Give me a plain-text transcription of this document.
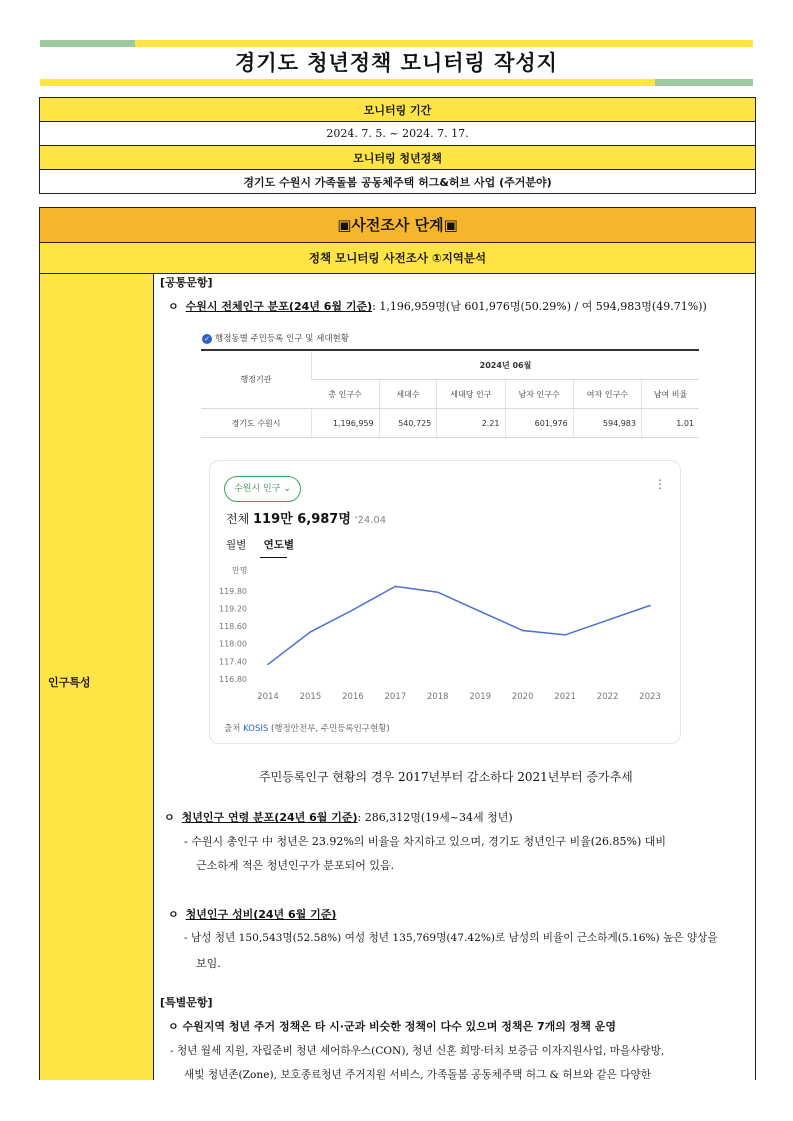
경기도 청년정책 모니터링 작성지
모니터링 기간
2024. 7. 5. ~ 2024. 7. 17.
모니터링 청년정책
경기도 수원시 가족돌봄 공동체주택 허그&허브 사업 (주거분야)
▣사전조사 단계▣
정책 모니터링 사전조사 ①지역분석
인구특성
[공통문항]
ㅇ 수원시 전체인구 분포(24년 6월 기준): 1,196,959명(남 601,976명(50.29%) / 여 594,983명(49.71%))
✓ 행정동별 주민등록 인구 및 세대현황
행정기관	2024년 06월					
	총 인구수	세대수	세대당 인구	남자 인구수	여자 인구수	남여 비율
경기도 수원시	1,196,959	540,725	2.21	601,976	594,983	1.01
수원시 인구 ⌄	⋮
전체 119만 6,987명 '24.04
월별 연도별
만명
116.80
117.40
118.00
118.60
119.20
119.80
2014 2015 2016 2017 2018 2019 2020 2021 2022 2023
출처 KOSIS (행정안전부, 주민등록인구현황)
주민등록인구 현황의 경우 2017년부터 감소하다 2021년부터 증가추세
ㅇ 청년인구 연령 분포(24년 6월 기준): 286,312명(19세~34세 청년)
- 수원시 총인구 中 청년은 23.92%의 비율을 차지하고 있으며, 경기도 청년인구 비율(26.85%) 대비
근소하게 적은 청년인구가 분포되어 있음.
ㅇ 청년인구 성비(24년 6월 기준)
- 남성 청년 150,543명(52.58%) 여성 청년 135,769명(47.42%)로 남성의 비율이 근소하게(5.16%) 높은 양상을
보임.
[특별문항]
ㅇ 수원지역 청년 주거 정책은 타 시·군과 비슷한 정책이 다수 있으며 정책은 7개의 정책 운영
- 청년 월세 지원, 자립준비 청년 셰어하우스(CON), 청년 신혼 희망·터치 보증금 이자지원사업, 마을사랑방,
새빛 청년존(Zone), 보호종료청년 주거지원 서비스, 가족돌봄 공동체주택 허그 & 허브와 같은 다양한
